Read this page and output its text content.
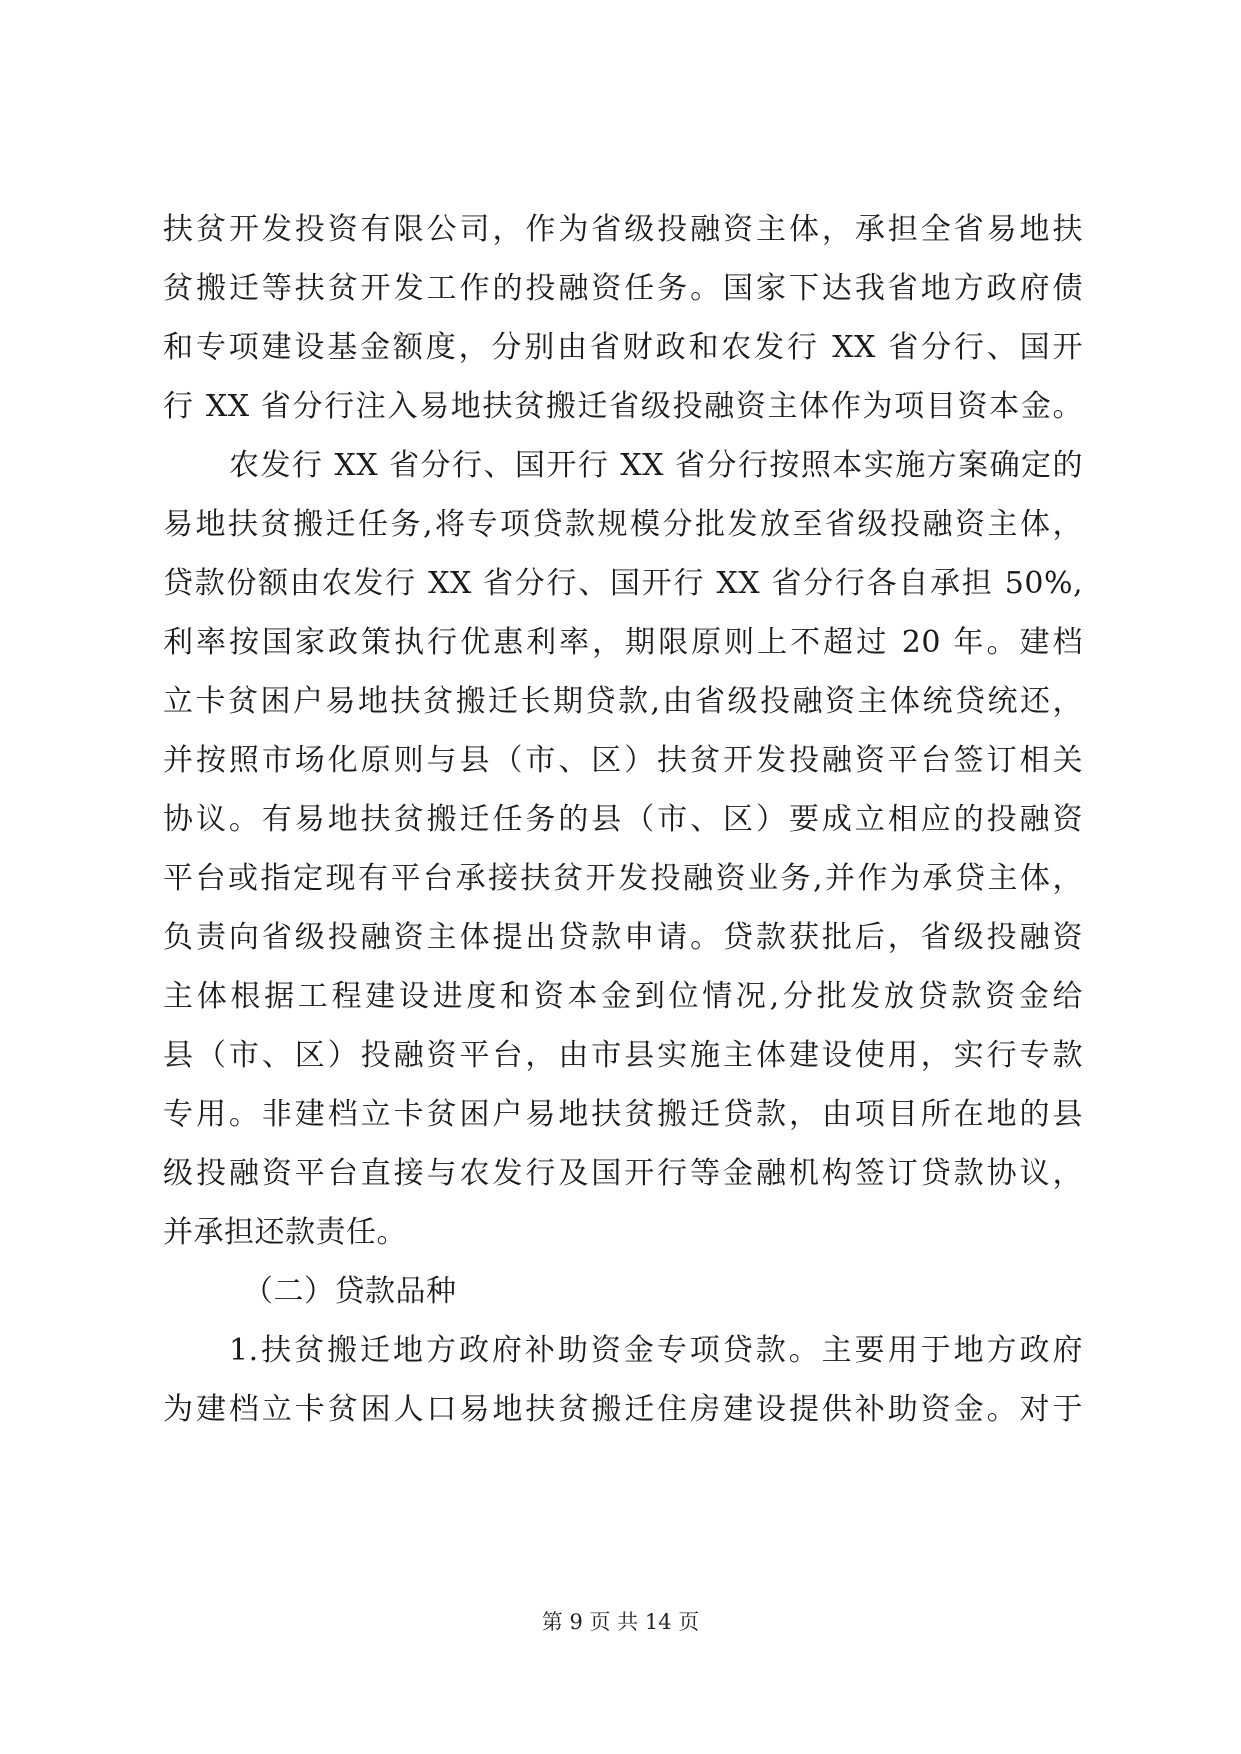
扶贫开发投资有限公司，作为省级投融资主体，承担全省易地扶
贫搬迁等扶贫开发工作的投融资任务。国家下达我省地方政府债
和专项建设基金额度，分别由省财政和农发行 XX 省分行、国开
行 XX 省分行注入易地扶贫搬迁省级投融资主体作为项目资本金。
农发行 XX 省分行、国开行 XX 省分行按照本实施方案确定的
易地扶贫搬迁任务,将专项贷款规模分批发放至省级投融资主体，
贷款份额由农发行 XX 省分行、国开行 XX 省分行各自承担 50%,
利率按国家政策执行优惠利率，期限原则上不超过 20 年。建档
立卡贫困户易地扶贫搬迁长期贷款,由省级投融资主体统贷统还，
并按照市场化原则与县（市、区）扶贫开发投融资平台签订相关
协议。有易地扶贫搬迁任务的县（市、区）要成立相应的投融资
平台或指定现有平台承接扶贫开发投融资业务,并作为承贷主体，
负责向省级投融资主体提出贷款申请。贷款获批后，省级投融资
主体根据工程建设进度和资本金到位情况,分批发放贷款资金给
县（市、区）投融资平台，由市县实施主体建设使用，实行专款
专用。非建档立卡贫困户易地扶贫搬迁贷款，由项目所在地的县
级投融资平台直接与农发行及国开行等金融机构签订贷款协议，
并承担还款责任。
（二）贷款品种
1.扶贫搬迁地方政府补助资金专项贷款。主要用于地方政府
为建档立卡贫困人口易地扶贫搬迁住房建设提供补助资金。对于
第 9 页 共 14 页
